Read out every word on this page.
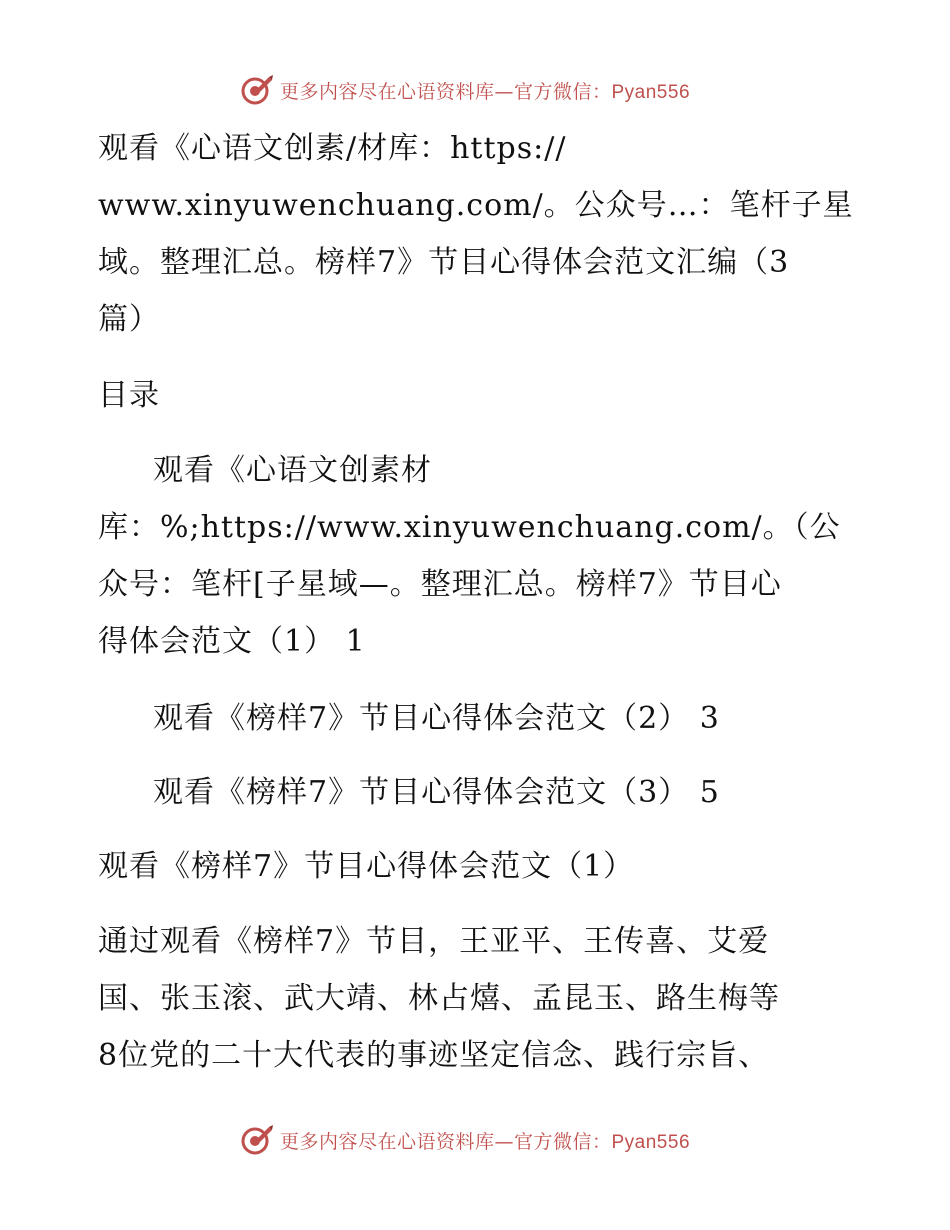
更多内容尽在心语资料库—官方微信：Pyan556
观看《心语文创素/材库：https://
www.xinyuwenchuang.com/。公众号…：笔杆子星
域。整理汇总。榜样7》节目心得体会范文汇编（3
篇）
目录
观看《心语文创素材
库：%;https://www.xinyuwenchuang.com/。（公
众号：笔杆[子星域—。整理汇总。榜样7》节目心
得体会范文（1） 1
观看《榜样7》节目心得体会范文（2） 3
观看《榜样7》节目心得体会范文（3） 5
观看《榜样7》节目心得体会范文（1）
通过观看《榜样7》节目，王亚平、王传喜、艾爱
国、张玉滚、武大靖、林占熺、孟昆玉、路生梅等
8位党的二十大代表的事迹坚定信念、践行宗旨、
更多内容尽在心语资料库—官方微信：Pyan556
